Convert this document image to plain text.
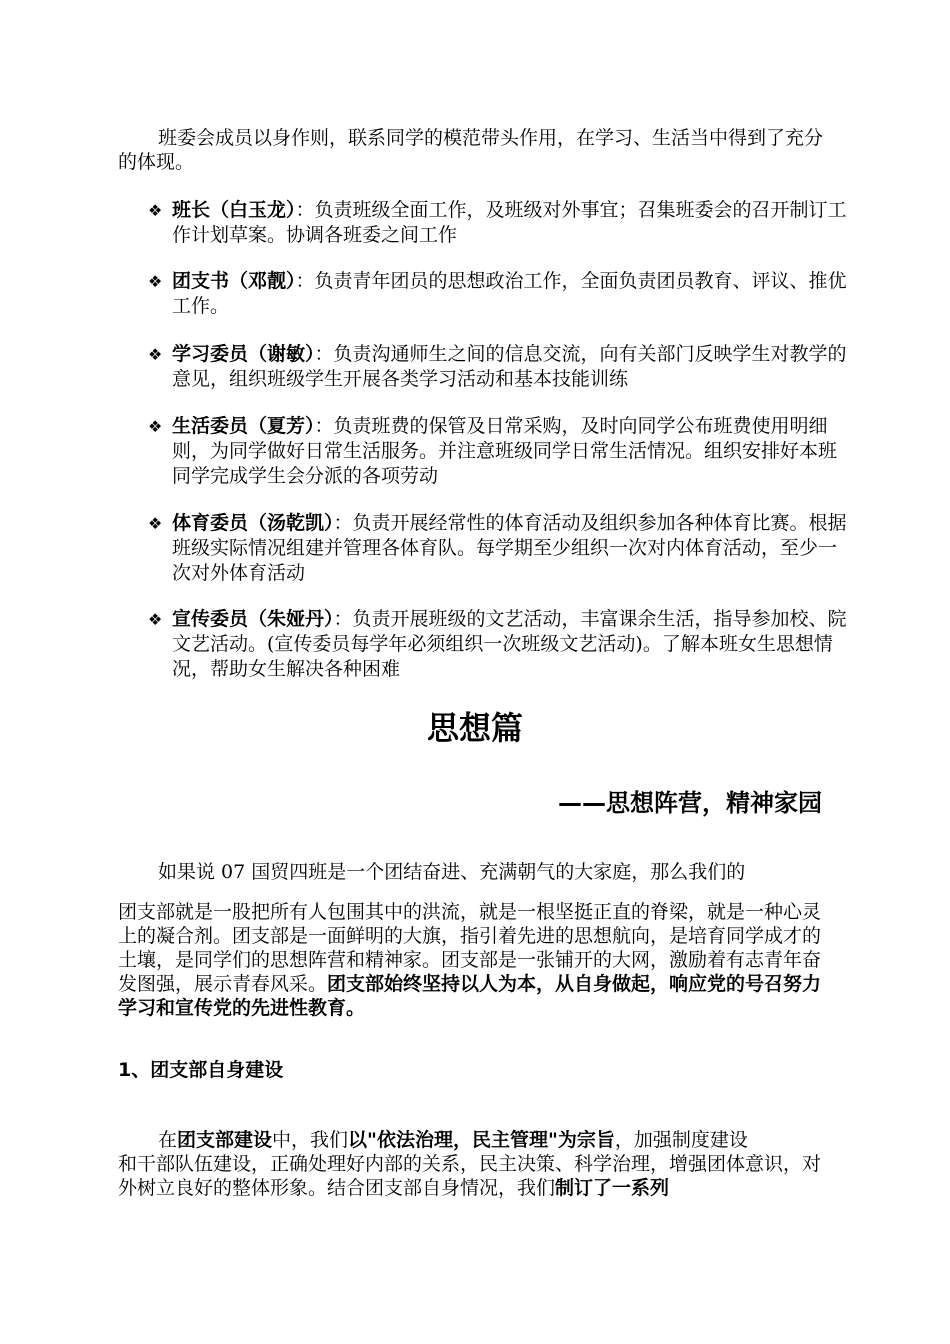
班委会成员以身作则，联系同学的模范带头作用，在学习、生活当中得到了充分的体现。

❖ 班长（白玉龙）：负责班级全面工作，及班级对外事宜；召集班委会的召开制订工作计划草案。协调各班委之间工作
❖ 团支书（邓靓）：负责青年团员的思想政治工作，全面负责团员教育、评议、推优工作。
❖ 学习委员（谢敏）：负责沟通师生之间的信息交流，向有关部门反映学生对教学的意见，组织班级学生开展各类学习活动和基本技能训练
❖ 生活委员（夏芳）：负责班费的保管及日常采购，及时向同学公布班费使用明细则，为同学做好日常生活服务。并注意班级同学日常生活情况。组织安排好本班同学完成学生会分派的各项劳动
❖ 体育委员（汤乾凯）：负责开展经常性的体育活动及组织参加各种体育比赛。根据班级实际情况组建并管理各体育队。每学期至少组织一次对内体育活动，至少一次对外体育活动
❖ 宣传委员（朱娅丹）：负责开展班级的文艺活动，丰富课余生活，指导参加校、院文艺活动。(宣传委员每学年必须组织一次班级文艺活动)。了解本班女生思想情况，帮助女生解决各种困难
思想篇
——思想阵营，精神家园

如果说 07 国贸四班是一个团结奋进、充满朝气的大家庭，那么我们的

团支部就是一股把所有人包围其中的洪流，就是一根坚挺正直的脊梁，就是一种心灵上的凝合剂。团支部是一面鲜明的大旗，指引着先进的思想航向，是培育同学成才的土壤，是同学们的思想阵营和精神家。团支部是一张铺开的大网，激励着有志青年奋发图强，展示青春风采。团支部始终坚持以人为本，从自身做起，响应党的号召努力学习和宣传党的先进性教育。

1、团支部自身建设

在团支部建设中，我们以"依法治理，民主管理"为宗旨，加强制度建设
和干部队伍建设，正确处理好内部的关系，民主决策、科学治理，增强团体意识，对外树立良好的整体形象。结合团支部自身情况，我们制订了一系列
